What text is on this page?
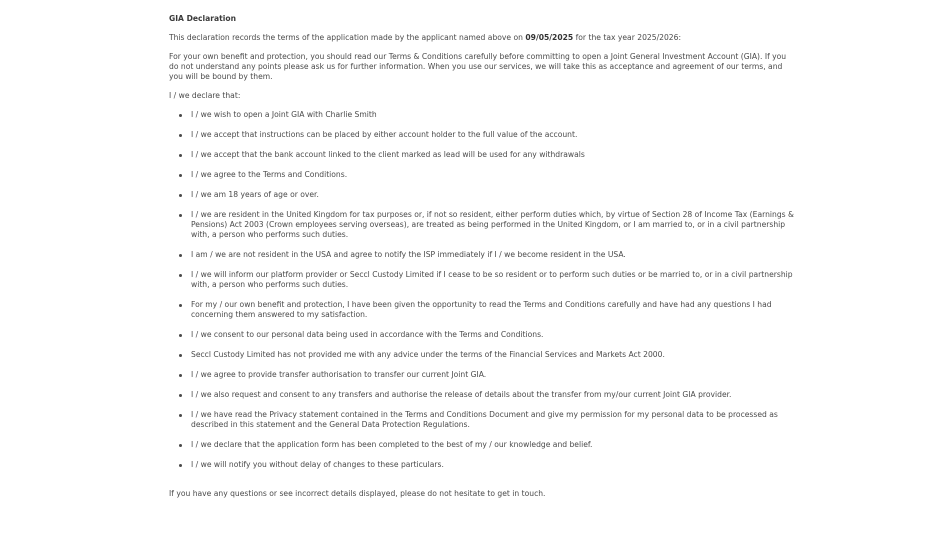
GIA Declaration
This declaration records the terms of the application made by the applicant named above on 09/05/2025 for the tax year 2025/2026:
For your own benefit and protection, you should read our Terms & Conditions carefully before committing to open a Joint General Investment Account (GIA). If you do not understand any points please ask us for further information. When you use our services, we will take this as acceptance and agreement of our terms, and you will be bound by them.
I / we declare that:
I / we wish to open a Joint GIA with Charlie Smith
I / we accept that instructions can be placed by either account holder to the full value of the account.
I / we accept that the bank account linked to the client marked as lead will be used for any withdrawals
I / we agree to the Terms and Conditions.
I / we am 18 years of age or over.
I / we are resident in the United Kingdom for tax purposes or, if not so resident, either perform duties which, by virtue of Section 28 of Income Tax (Earnings & Pensions) Act 2003 (Crown employees serving overseas), are treated as being performed in the United Kingdom, or I am married to, or in a civil partnership with, a person who performs such duties.
I am / we are not resident in the USA and agree to notify the ISP immediately if I / we become resident in the USA.
I / we will inform our platform provider or Seccl Custody Limited if I cease to be so resident or to perform such duties or be married to, or in a civil partnership with, a person who performs such duties.
For my / our own benefit and protection, I have been given the opportunity to read the Terms and Conditions carefully and have had any questions I had concerning them answered to my satisfaction.
I / we consent to our personal data being used in accordance with the Terms and Conditions.
Seccl Custody Limited has not provided me with any advice under the terms of the Financial Services and Markets Act 2000.
I / we agree to provide transfer authorisation to transfer our current Joint GIA.
I / we also request and consent to any transfers and authorise the release of details about the transfer from my/our current Joint GIA provider.
I / we have read the Privacy statement contained in the Terms and Conditions Document and give my permission for my personal data to be processed as described in this statement and the General Data Protection Regulations.
I / we declare that the application form has been completed to the best of my / our knowledge and belief.
I / we will notify you without delay of changes to these particulars.
If you have any questions or see incorrect details displayed, please do not hesitate to get in touch.
